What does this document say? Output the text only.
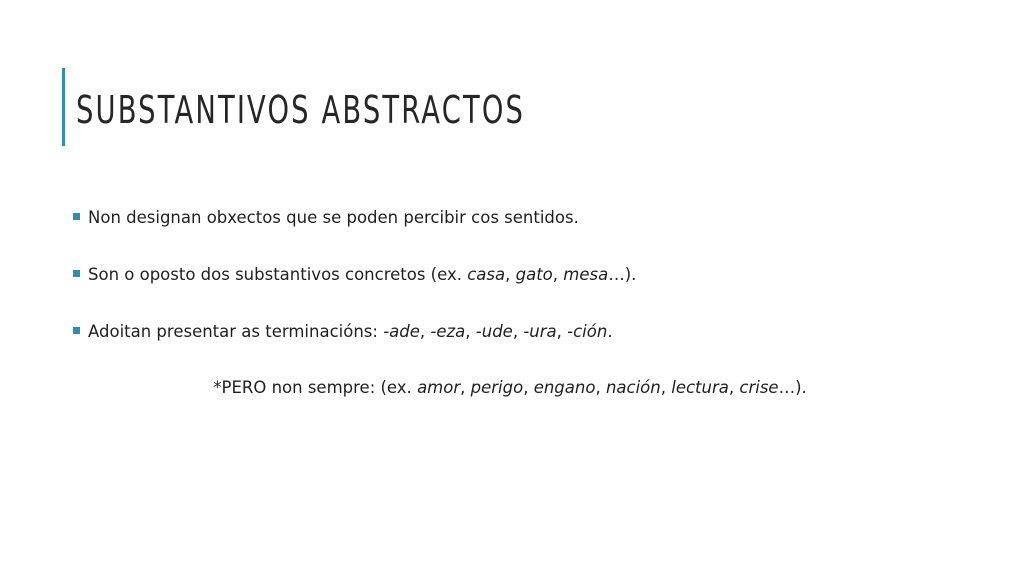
SUBSTANTIVOS ABSTRACTOS
Non designan obxectos que se poden percibir cos sentidos.
Son o oposto dos substantivos concretos (ex. casa, gato, mesa…).
Adoitan presentar as terminacións: -ade, -eza, -ude, -ura, -ción.
*PERO non sempre: (ex. amor, perigo, engano, nación, lectura, crise…).
